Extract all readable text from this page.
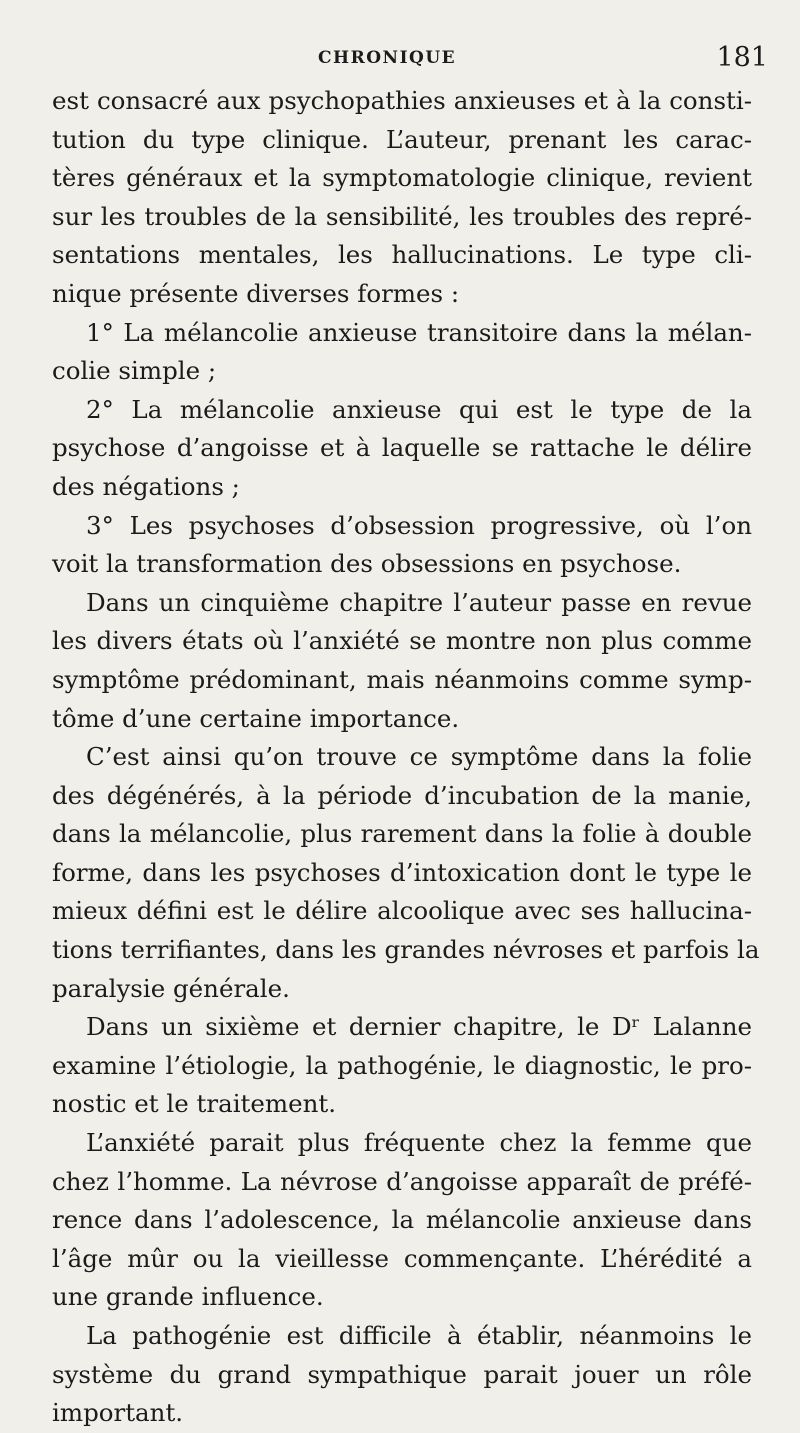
CHRONIQUE	181
est consacré aux psychopathies anxieuses et à la consti-
tution du type clinique. L’auteur, prenant les carac-
tères généraux et la symptomatologie clinique, revient
sur les troubles de la sensibilité, les troubles des repré-
sentations mentales, les hallucinations. Le type cli-
nique présente diverses formes :
1° La mélancolie anxieuse transitoire dans la mélan-
colie simple ;
2° La mélancolie anxieuse qui est le type de la
psychose d’angoisse et à laquelle se rattache le délire
des négations ;
3° Les psychoses d’obsession progressive, où l’on
voit la transformation des obsessions en psychose.
Dans un cinquième chapitre l’auteur passe en revue
les divers états où l’anxiété se montre non plus comme
symptôme prédominant, mais néanmoins comme symp-
tôme d’une certaine importance.
C’est ainsi qu’on trouve ce symptôme dans la folie
des dégénérés, à la période d’incubation de la manie,
dans la mélancolie, plus rarement dans la folie à double
forme, dans les psychoses d’intoxication dont le type le
mieux défini est le délire alcoolique avec ses hallucina-
tions terrifiantes, dans les grandes névroses et parfois la
paralysie générale.
Dans un sixième et dernier chapitre, le Dʳ Lalanne
examine l’étiologie, la pathogénie, le diagnostic, le pro-
nostic et le traitement.
L’anxiété parait plus fréquente chez la femme que
chez l’homme. La névrose d’angoisse apparaît de préfé-
rence dans l’adolescence, la mélancolie anxieuse dans
l’âge mûr ou la vieillesse commençante. L’hérédité a
une grande influence.
La pathogénie est difficile à établir, néanmoins le
système du grand sympathique parait jouer un rôle
important.
